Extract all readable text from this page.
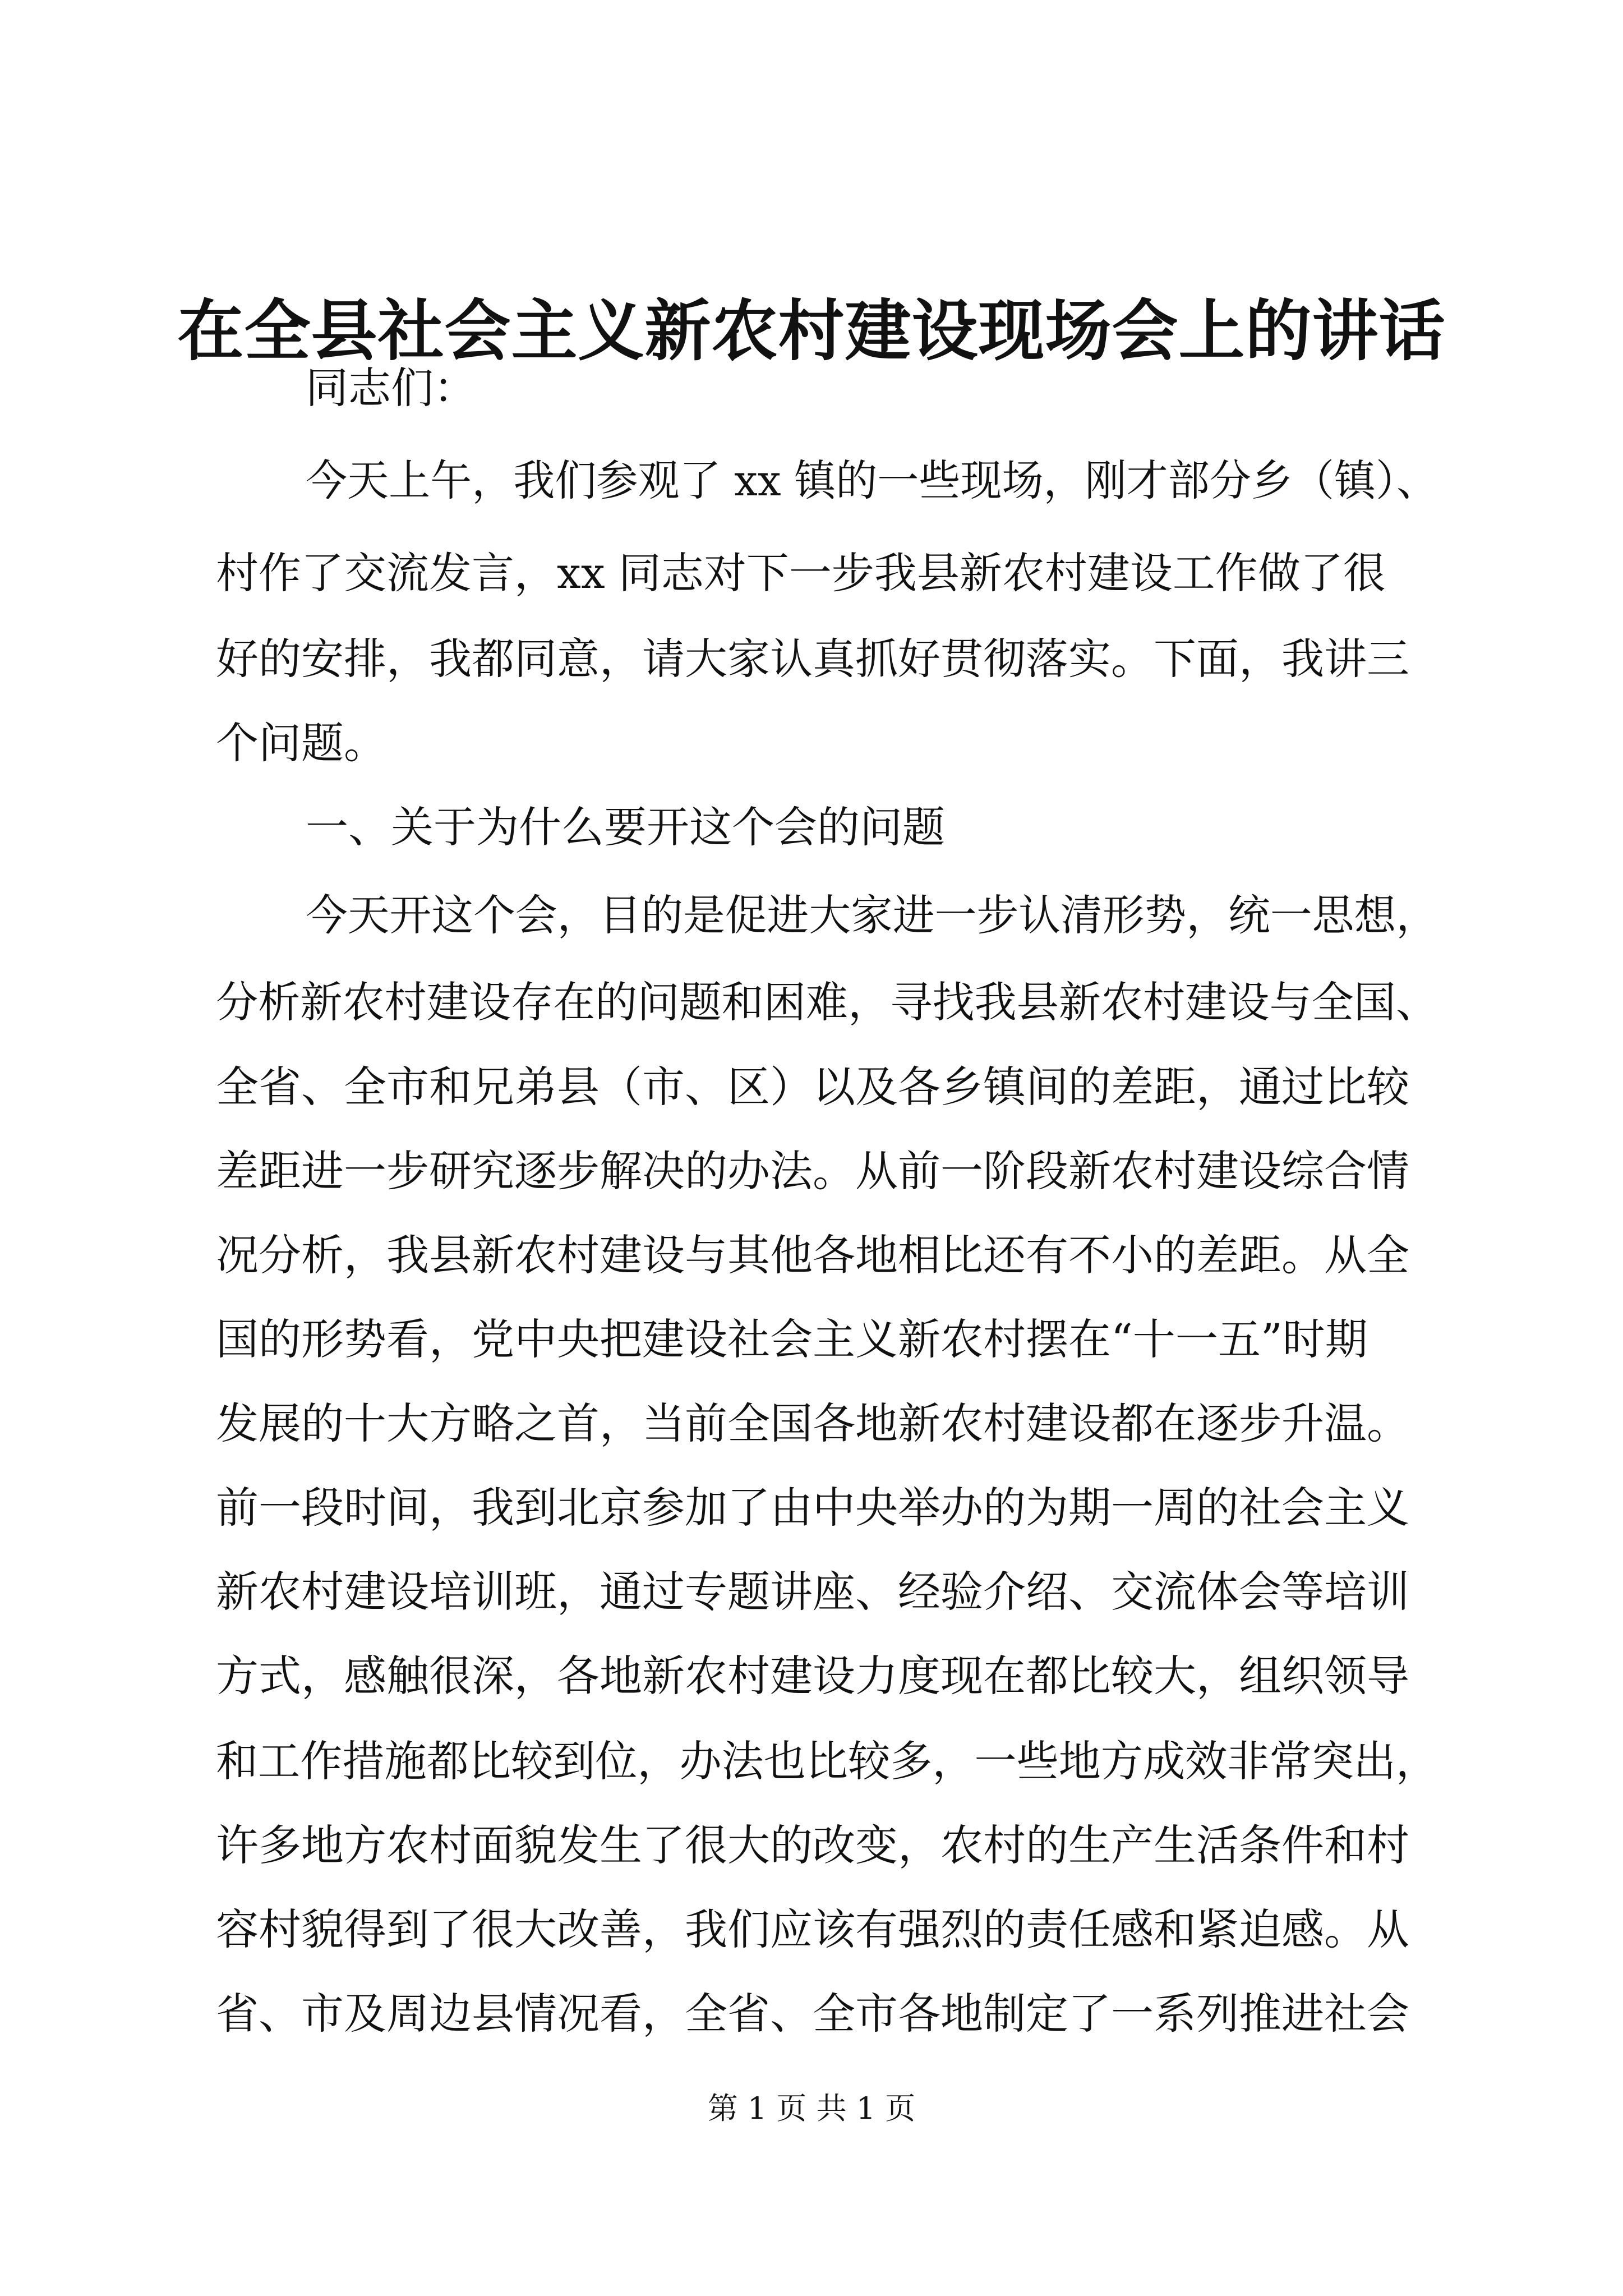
在全县社会主义新农村建设现场会上的讲话

同志们：

今天上午，我们参观了 xx 镇的一些现场，刚才部分乡（镇）、

村作了交流发言，xx 同志对下一步我县新农村建设工作做了很

好的安排，我都同意，请大家认真抓好贯彻落实。下面，我讲三

个问题。

一、关于为什么要开这个会的问题

今天开这个会，目的是促进大家进一步认清形势，统一思想，

分析新农村建设存在的问题和困难，寻找我县新农村建设与全国、

全省、全市和兄弟县（市、区）以及各乡镇间的差距，通过比较

差距进一步研究逐步解决的办法。从前一阶段新农村建设综合情

况分析，我县新农村建设与其他各地相比还有不小的差距。从全

国的形势看，党中央把建设社会主义新农村摆在“十一五”时期

发展的十大方略之首，当前全国各地新农村建设都在逐步升温。

前一段时间，我到北京参加了由中央举办的为期一周的社会主义

新农村建设培训班，通过专题讲座、经验介绍、交流体会等培训

方式，感触很深，各地新农村建设力度现在都比较大，组织领导

和工作措施都比较到位，办法也比较多，一些地方成效非常突出，

许多地方农村面貌发生了很大的改变，农村的生产生活条件和村

容村貌得到了很大改善，我们应该有强烈的责任感和紧迫感。从

省、市及周边县情况看，全省、全市各地制定了一系列推进社会

第 1 页 共 1 页
